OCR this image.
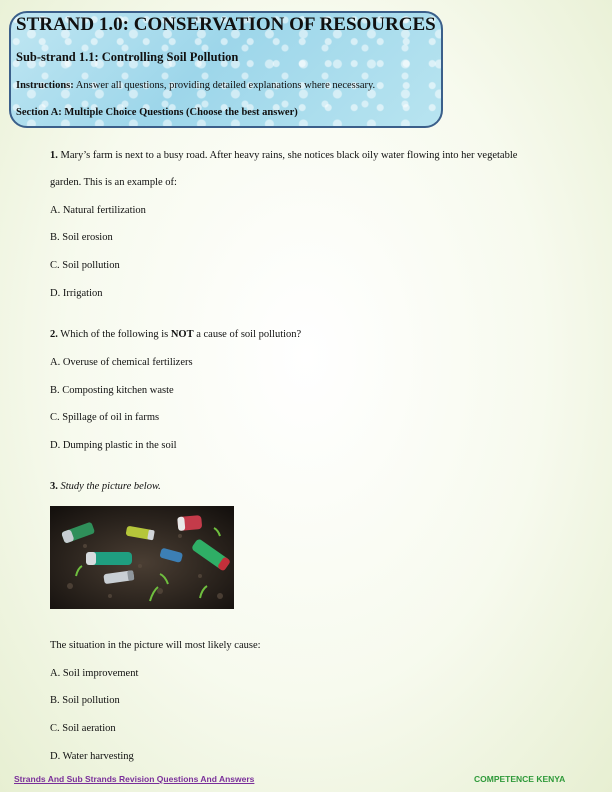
STRAND 1.0: CONSERVATION OF RESOURCES
Sub-strand 1.1: Controlling Soil Pollution
Instructions: Answer all questions, providing detailed explanations where necessary.
Section A: Multiple Choice Questions (Choose the best answer)
1. Mary’s farm is next to a busy road. After heavy rains, she notices black oily water flowing into her vegetable
garden. This is an example of:
A. Natural fertilization
B. Soil erosion
C. Soil pollution
D. Irrigation
2. Which of the following is NOT a cause of soil pollution?
A. Overuse of chemical fertilizers
B. Composting kitchen waste
C. Spillage of oil in farms
D. Dumping plastic in the soil
3. Study the picture below.
The situation in the picture will most likely cause:
A. Soil improvement
B. Soil pollution
C. Soil aeration
D. Water harvesting
Strands And Sub Strands Revision Questions And Answers	COMPETENCE KENYA
